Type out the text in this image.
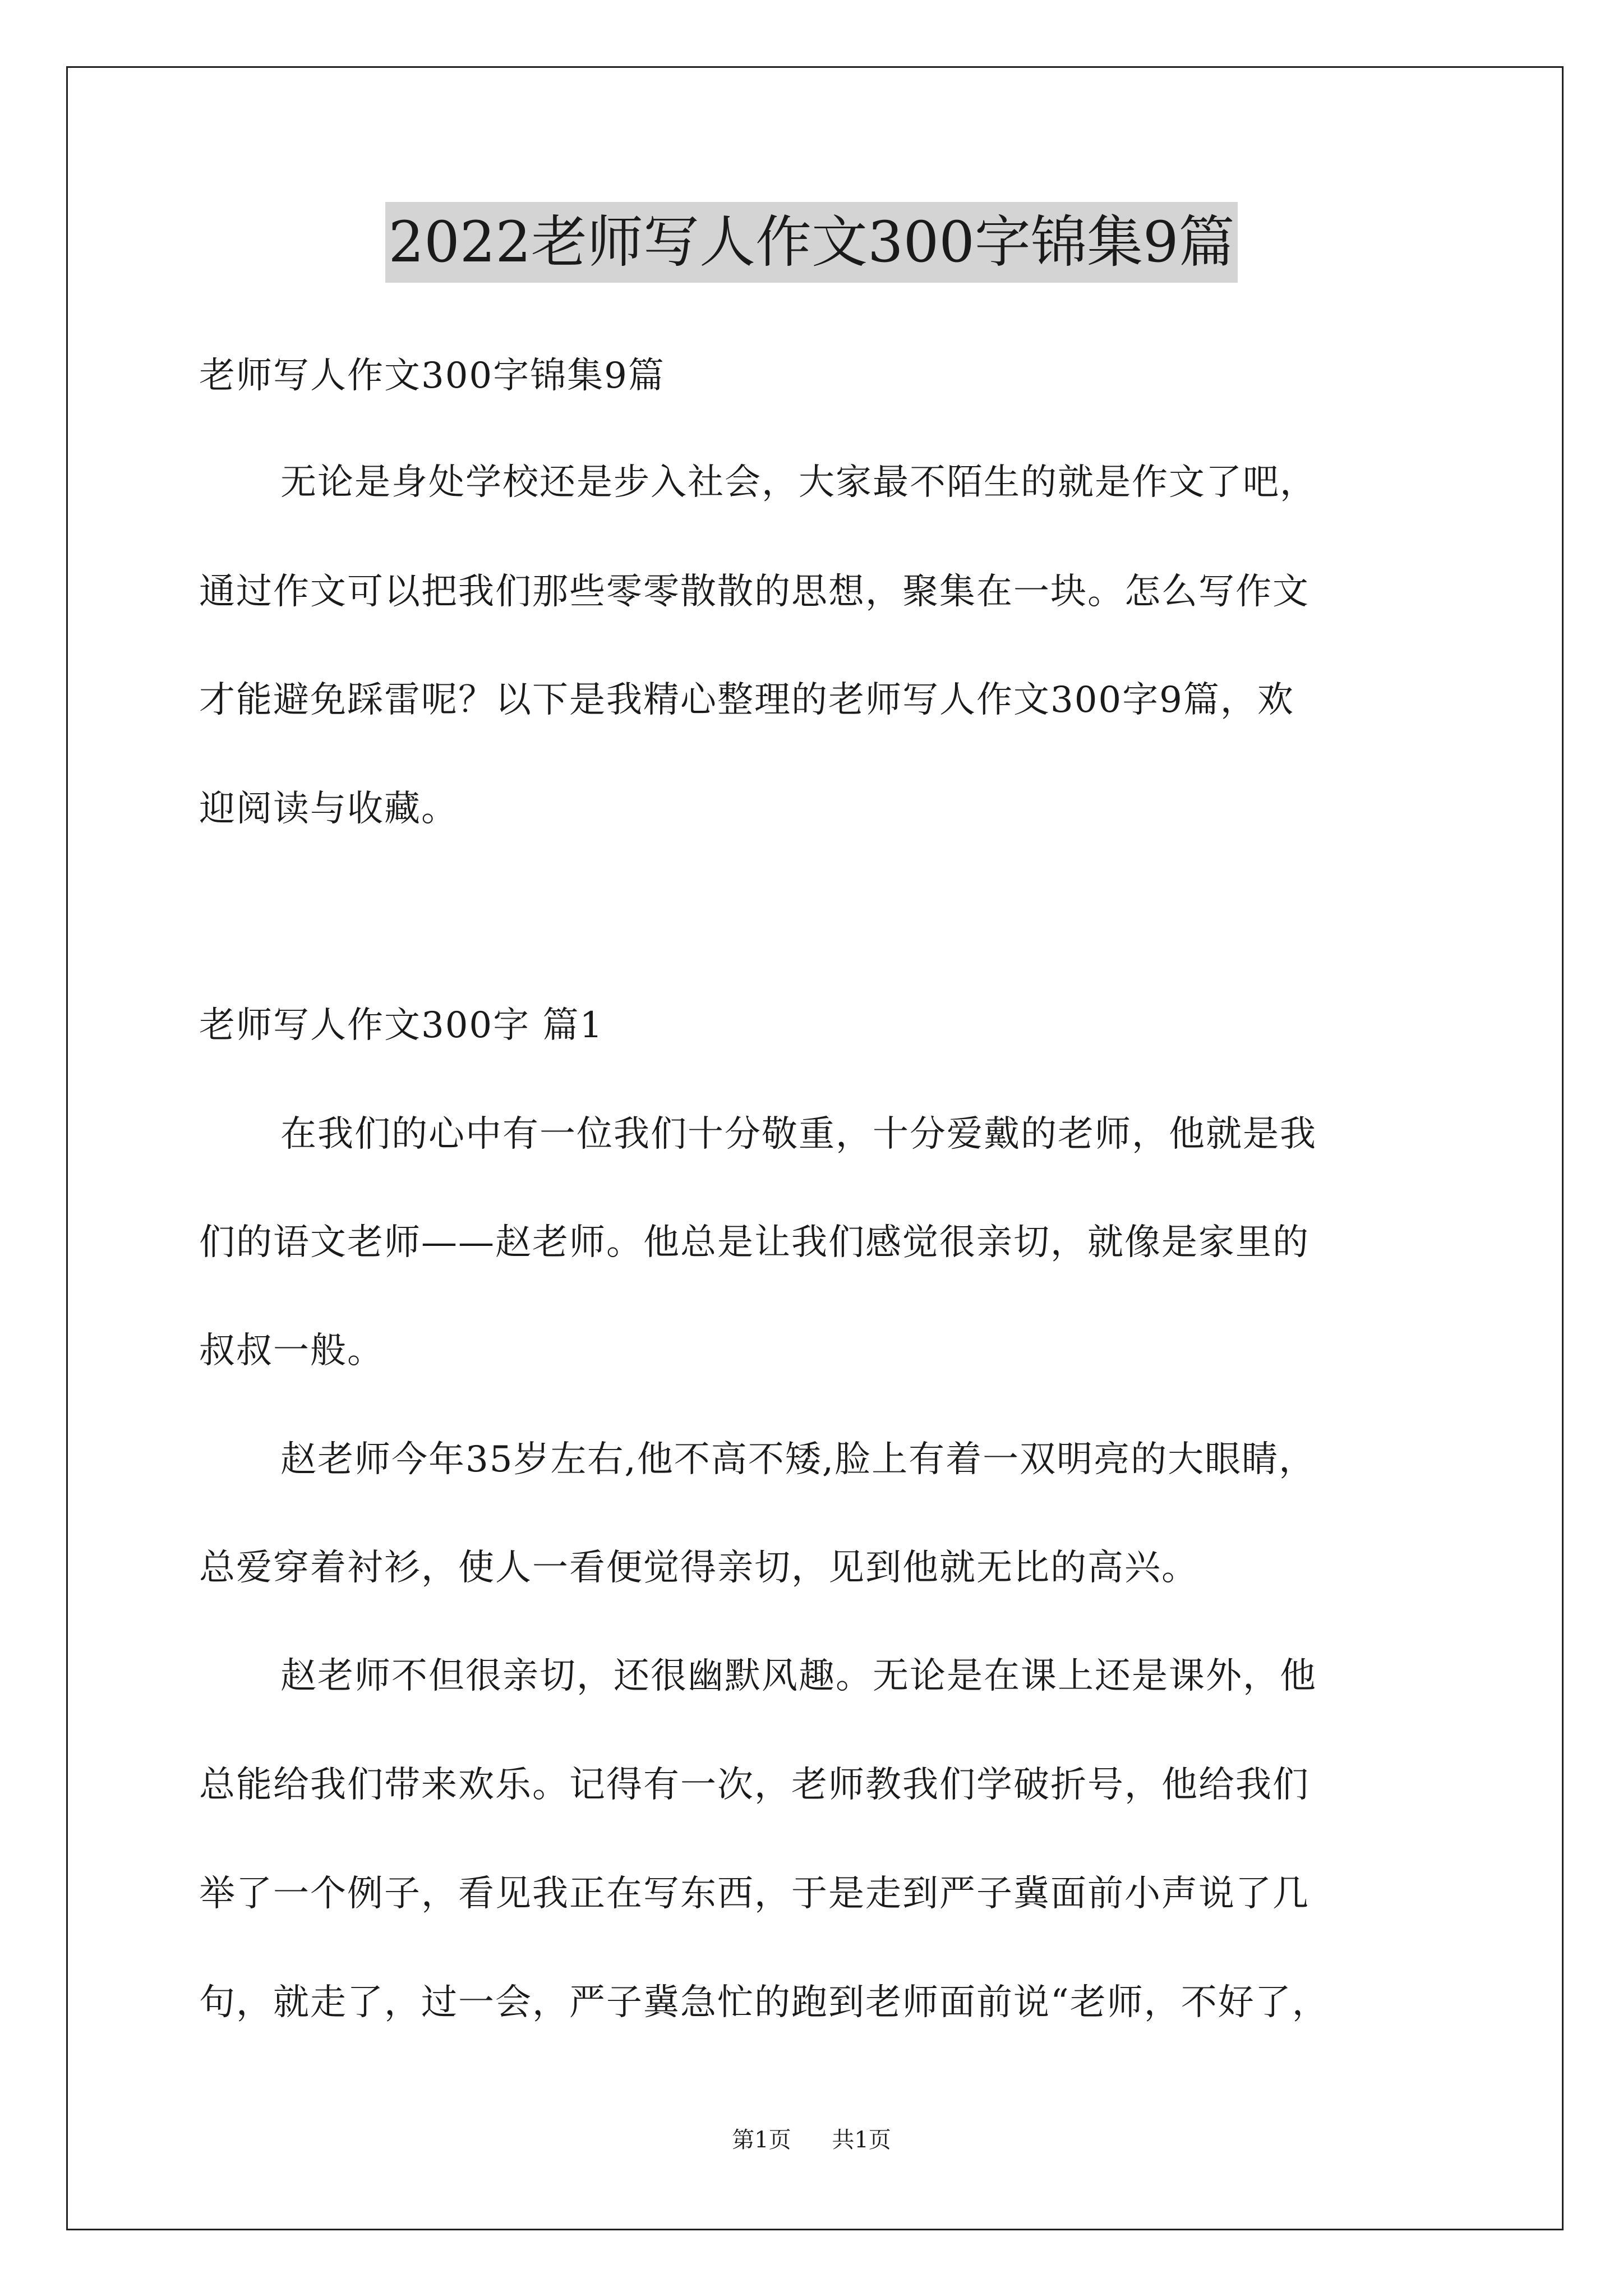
2022老师写人作文300字锦集9篇
老师写人作文300字锦集9篇
无论是身处学校还是步入社会，大家最不陌生的就是作文了吧，
通过作文可以把我们那些零零散散的思想，聚集在一块。怎么写作文
才能避免踩雷呢？以下是我精心整理的老师写人作文300字9篇，欢
迎阅读与收藏。
老师写人作文300字 篇1
在我们的心中有一位我们十分敬重，十分爱戴的老师，他就是我
们的语文老师——赵老师。他总是让我们感觉很亲切，就像是家里的
叔叔一般。
赵老师今年35岁左右,他不高不矮,脸上有着一双明亮的大眼睛，
总爱穿着衬衫，使人一看便觉得亲切，见到他就无比的高兴。
赵老师不但很亲切，还很幽默风趣。无论是在课上还是课外，他
总能给我们带来欢乐。记得有一次，老师教我们学破折号，他给我们
举了一个例子，看见我正在写东西，于是走到严子冀面前小声说了几
句，就走了，过一会，严子冀急忙的跑到老师面前说“老师，不好了，
第1页 共1页
